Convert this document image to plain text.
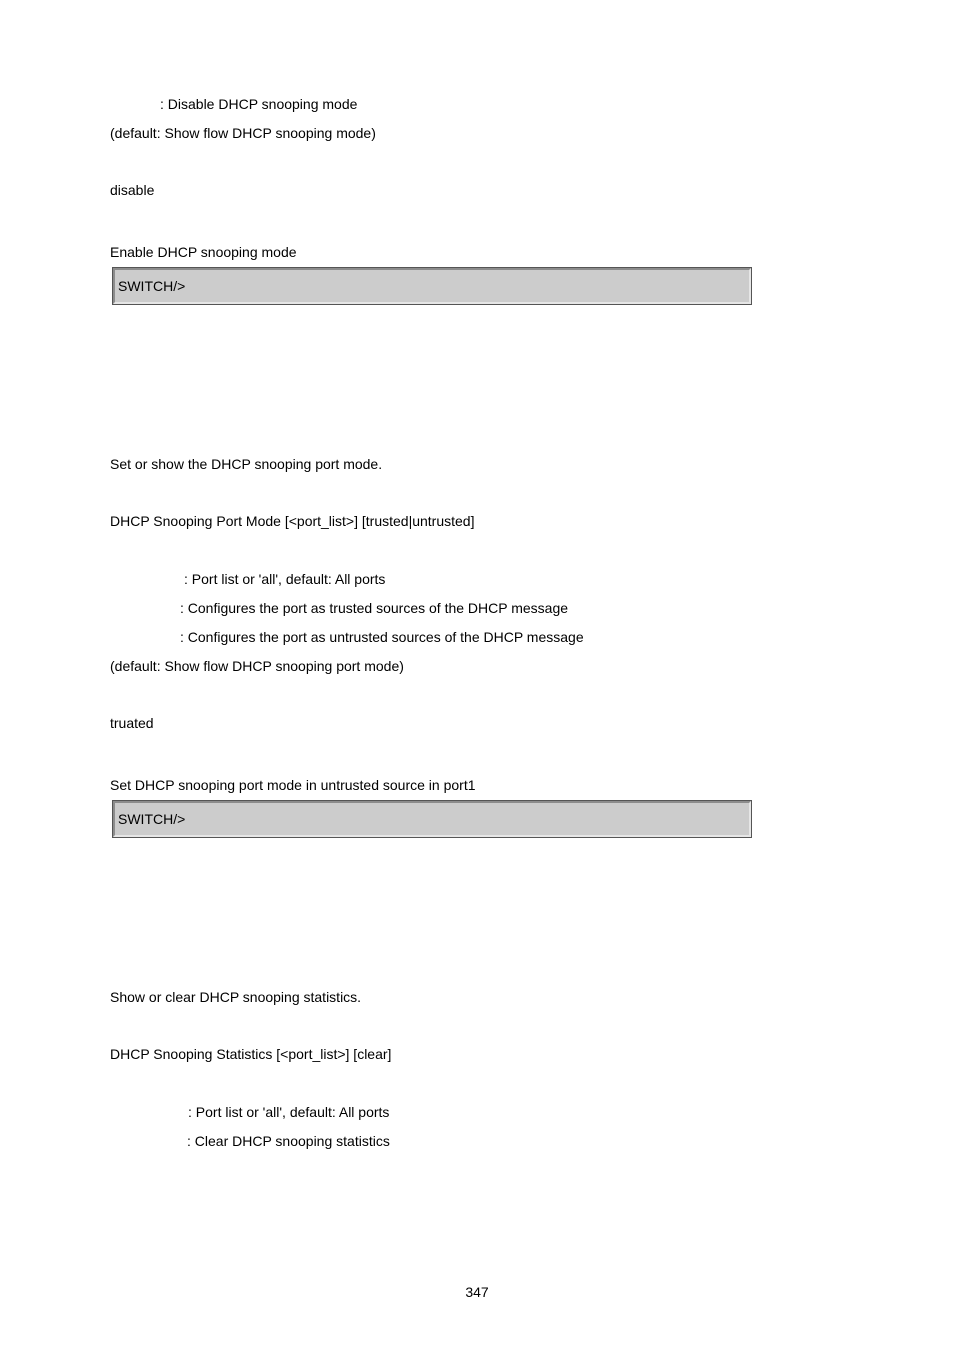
: Disable DHCP snooping mode
(default: Show flow DHCP snooping mode)
disable
Enable DHCP snooping mode
SWITCH/>
Set or show the DHCP snooping port mode.
DHCP Snooping Port Mode [<port_list>] [trusted|untrusted]
: Port list or 'all', default: All ports
: Configures the port as trusted sources of the DHCP message
: Configures the port as untrusted sources of the DHCP message
(default: Show flow DHCP snooping port mode)
truated
Set DHCP snooping port mode in untrusted source in port1
SWITCH/>
Show or clear DHCP snooping statistics.
DHCP Snooping Statistics [<port_list>] [clear]
: Port list or 'all', default: All ports
: Clear DHCP snooping statistics
347
